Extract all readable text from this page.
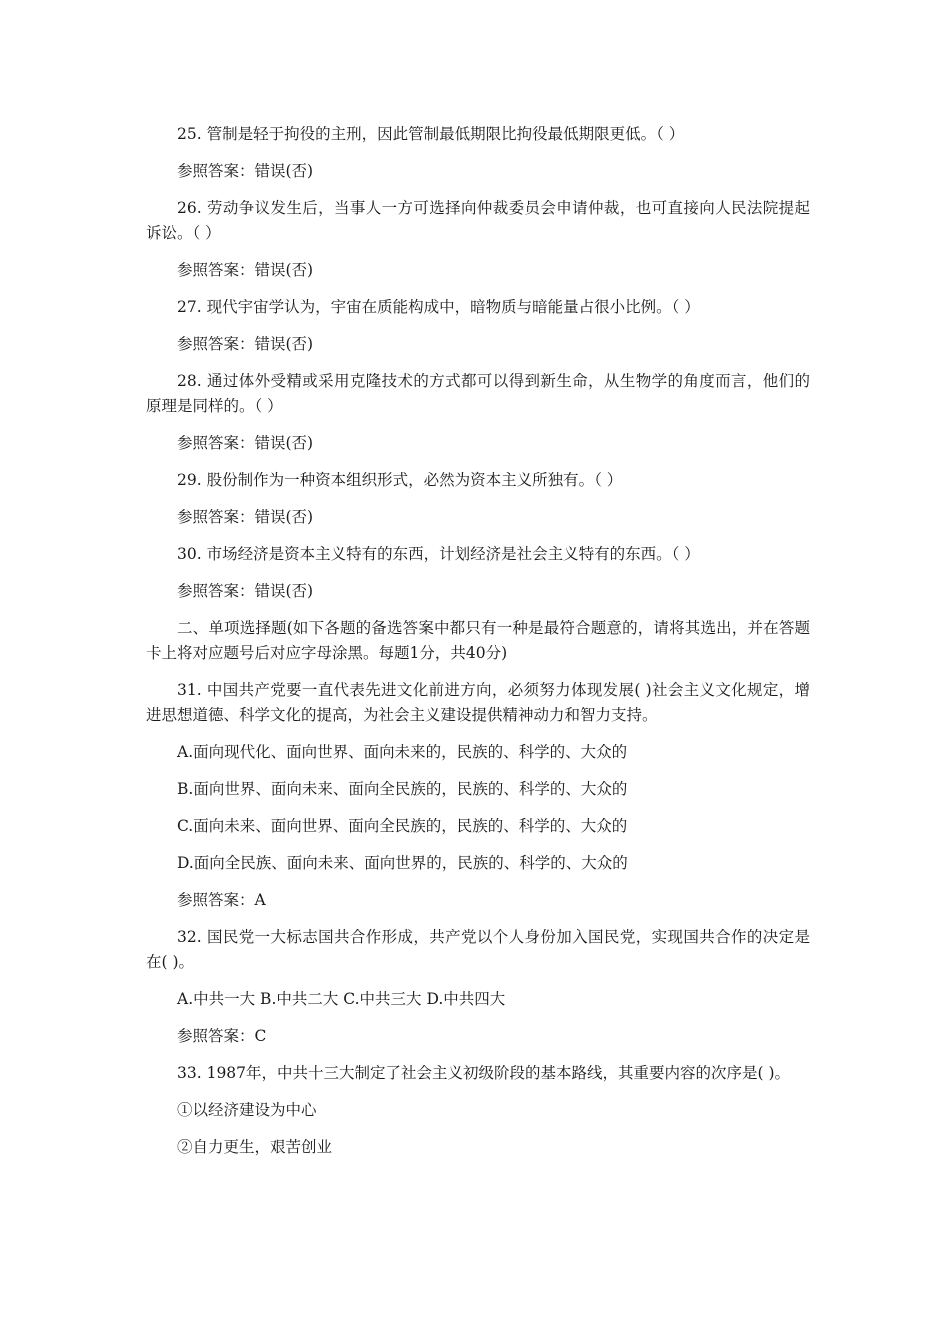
25. 管制是轻于拘役的主刑，因此管制最低期限比拘役最低期限更低。（ ）

参照答案：错误(否)

26. 劳动争议发生后，当事人一方可选择向仲裁委员会申请仲裁，也可直接向人民法院提起诉讼。（ ）

参照答案：错误(否)

27. 现代宇宙学认为，宇宙在质能构成中，暗物质与暗能量占很小比例。（ ）

参照答案：错误(否)

28. 通过体外受精或采用克隆技术的方式都可以得到新生命，从生物学的角度而言，他们的原理是同样的。（ ）

参照答案：错误(否)

29. 股份制作为一种资本组织形式，必然为资本主义所独有。（ ）

参照答案：错误(否)

30. 市场经济是资本主义特有的东西，计划经济是社会主义特有的东西。（ ）

参照答案：错误(否)

二、单项选择题(如下各题的备选答案中都只有一种是最符合题意的，请将其选出，并在答题卡上将对应题号后对应字母涂黑。每题1分，共40分)

31. 中国共产党要一直代表先进文化前进方向，必须努力体现发展( )社会主义文化规定，增进思想道德、科学文化的提高，为社会主义建设提供精神动力和智力支持。

A.面向现代化、面向世界、面向未来的，民族的、科学的、大众的

B.面向世界、面向未来、面向全民族的，民族的、科学的、大众的

C.面向未来、面向世界、面向全民族的，民族的、科学的、大众的

D.面向全民族、面向未来、面向世界的，民族的、科学的、大众的

参照答案：A

32. 国民党一大标志国共合作形成，共产党以个人身份加入国民党，实现国共合作的决定是在( )。

A.中共一大 B.中共二大 C.中共三大 D.中共四大

参照答案：C

33. 1987年，中共十三大制定了社会主义初级阶段的基本路线，其重要内容的次序是( )。

①以经济建设为中心

②自力更生，艰苦创业
